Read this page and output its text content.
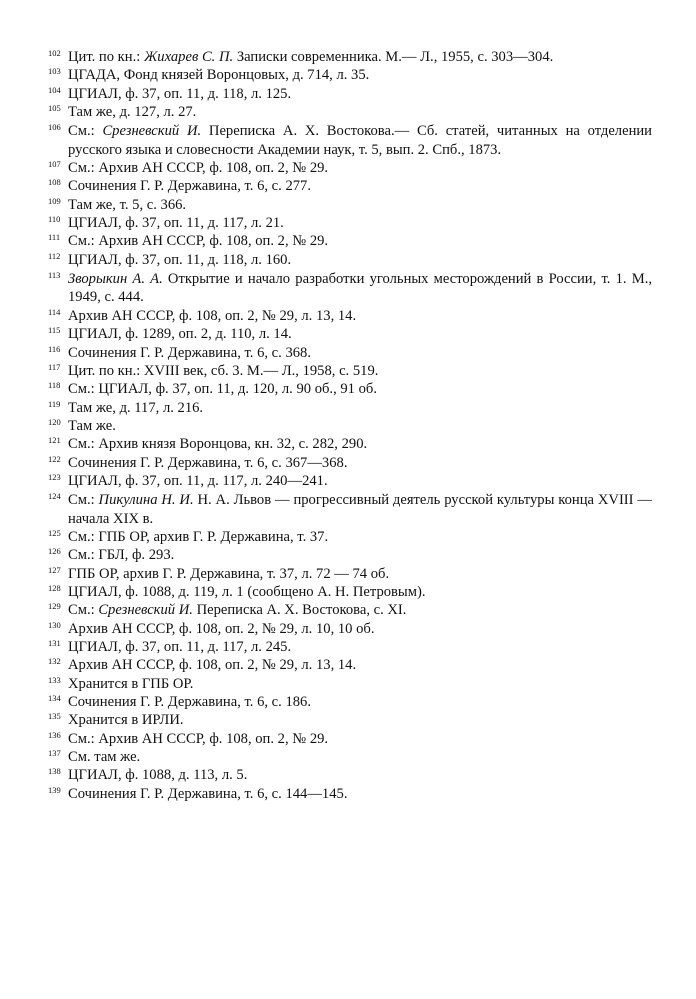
102 Цит. по кн.: Жихарев С. П. Записки современника. М.— Л., 1955, с. 303—304.
103 ЦГАДА, Фонд князей Воронцовых, д. 714, л. 35.
104 ЦГИАЛ, ф. 37, оп. 11, д. 118, л. 125.
105 Там же, д. 127, л. 27.
106 См.: Срезневский И. Переписка А. Х. Востокова.— Сб. статей, читанных на отделении русского языка и словесности Академии наук, т. 5, вып. 2. Спб., 1873.
107 См.: Архив АН СССР, ф. 108, оп. 2, № 29.
108 Сочинения Г. Р. Державина, т. 6, с. 277.
109 Там же, т. 5, с. 366.
110 ЦГИАЛ, ф. 37, оп. 11, д. 117, л. 21.
111 См.: Архив АН СССР, ф. 108, оп. 2, № 29.
112 ЦГИАЛ, ф. 37, оп. 11, д. 118, л. 160.
113 Зворыкин А. А. Открытие и начало разработки угольных месторождений в России, т. 1. М., 1949, с. 444.
114 Архив АН СССР, ф. 108, оп. 2, № 29, л. 13, 14.
115 ЦГИАЛ, ф. 1289, оп. 2, д. 110, л. 14.
116 Сочинения Г. Р. Державина, т. 6, с. 368.
117 Цит. по кн.: XVIII век, сб. 3. М.— Л., 1958, с. 519.
118 См.: ЦГИАЛ, ф. 37, оп. 11, д. 120, л. 90 об., 91 об.
119 Там же, д. 117, л. 216.
120 Там же.
121 См.: Архив князя Воронцова, кн. 32, с. 282, 290.
122 Сочинения Г. Р. Державина, т. 6, с. 367—368.
123 ЦГИАЛ, ф. 37, оп. 11, д. 117, л. 240—241.
124 См.: Пикулина Н. И. Н. А. Львов — прогрессивный деятель русской культуры конца XVIII — начала XIX в.
125 См.: ГПБ ОР, архив Г. Р. Державина, т. 37.
126 См.: ГБЛ, ф. 293.
127 ГПБ ОР, архив Г. Р. Державина, т. 37, л. 72 — 74 об.
128 ЦГИАЛ, ф. 1088, д. 119, л. 1 (сообщено А. Н. Петровым).
129 См.: Срезневский И. Переписка А. Х. Востокова, с. XI.
130 Архив АН СССР, ф. 108, оп. 2, № 29, л. 10, 10 об.
131 ЦГИАЛ, ф. 37, оп. 11, д. 117, л. 245.
132 Архив АН СССР, ф. 108, оп. 2, № 29, л. 13, 14.
133 Хранится в ГПБ ОР.
134 Сочинения Г. Р. Державина, т. 6, с. 186.
135 Хранится в ИРЛИ.
136 См.: Архив АН СССР, ф. 108, оп. 2, № 29.
137 См. там же.
138 ЦГИАЛ, ф. 1088, д. 113, л. 5.
139 Сочинения Г. Р. Державина, т. 6, с. 144—145.
